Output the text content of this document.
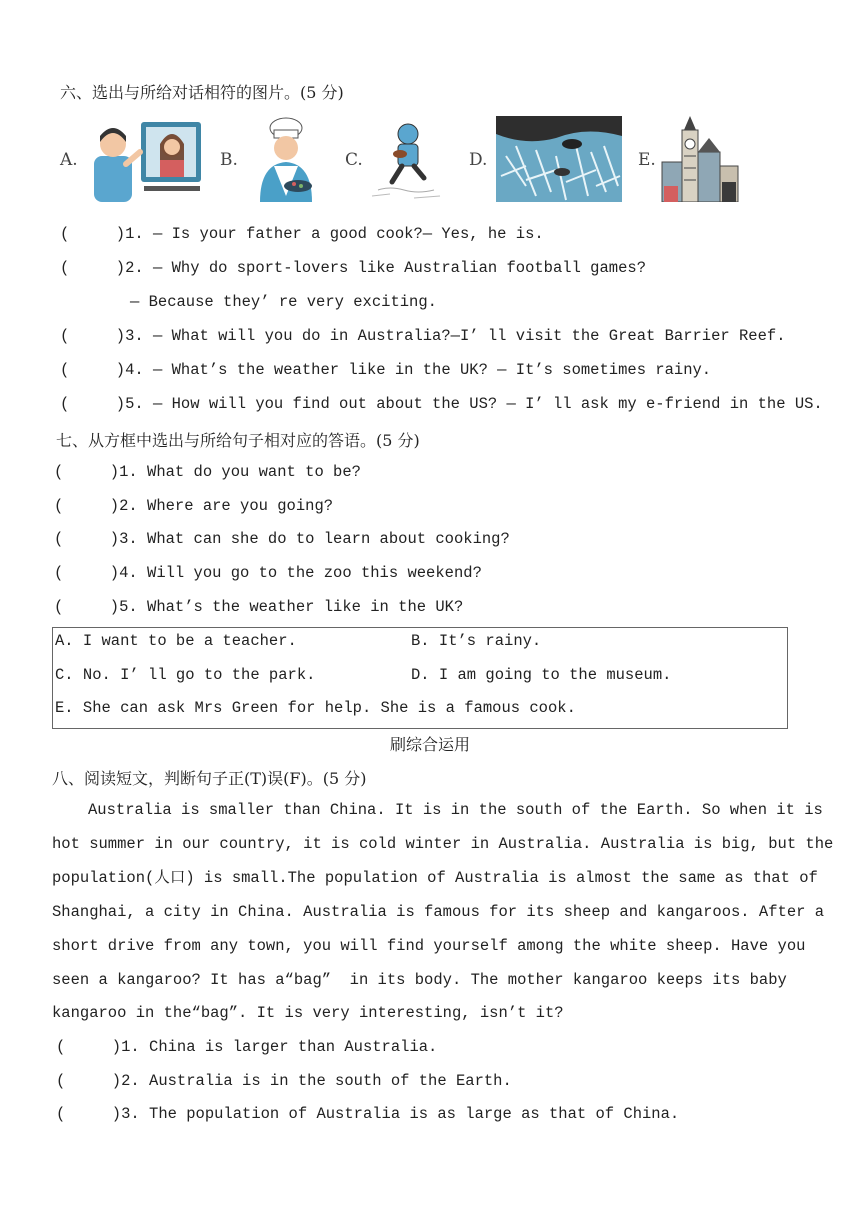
六、选出与所给对话相符的图片。(5 分)
A.	B.	C.	D.	E.
(     )1. — Is your father a good cook?— Yes, he is.
(     )2. — Why do sport-lovers like Australian football games?
— Because they’ re very exciting.
(     )3. — What will you do in Australia?—I’ ll visit the Great Barrier Reef.
(     )4. — What’s the weather like in the UK? — It’s sometimes rainy.
(     )5. — How will you find out about the US? — I’ ll ask my e-friend in the US.
七、从方框中选出与所给句子相对应的答语。(5 分)
(     )1. What do you want to be?
(     )2. Where are you going?
(     )3. What can she do to learn about cooking?
(     )4. Will you go to the zoo this weekend?
(     )5. What’s the weather like in the UK?
A. I want to be a teacher.	B. It’s rainy.
C. No. I’ ll go to the park.	D. I am going to the museum.
E. She can ask Mrs Green for help. She is a famous cook.
刷综合运用
八、阅读短文，判断句子正(T)误(F)。(5 分)
Australia is smaller than China. It is in the south of the Earth. So when it is
hot summer in our country, it is cold winter in Australia. Australia is big, but the
population(人口) is small.The population of Australia is almost the same as that of
Shanghai, a city in China. Australia is famous for its sheep and kangaroos. After a
short drive from any town, you will find yourself among the white sheep. Have you
seen a kangaroo? It has a“bag”  in its body. The mother kangaroo keeps its baby
kangaroo in the“bag”. It is very interesting, isn’t it?
(     )1. China is larger than Australia.
(     )2. Australia is in the south of the Earth.
(     )3. The population of Australia is as large as that of China.
